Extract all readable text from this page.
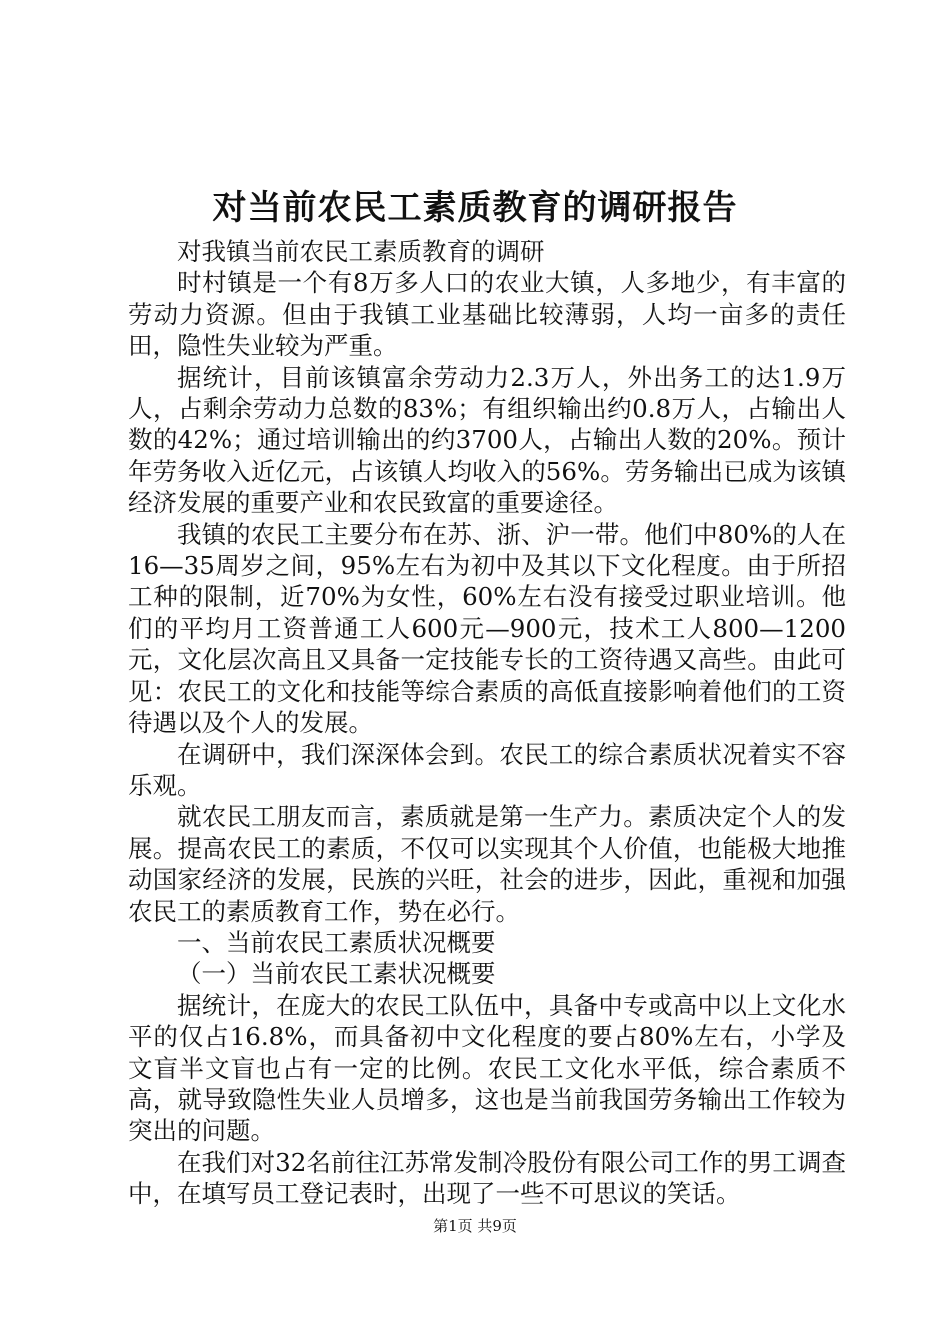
对当前农民工素质教育的调研报告

对我镇当前农民工素质教育的调研

时村镇是一个有8万多人口的农业大镇，人多地少，有丰富的劳动力资源。但由于我镇工业基础比较薄弱，人均一亩多的责任田，隐性失业较为严重。

据统计，目前该镇富余劳动力2.3万人，外出务工的达1.9万人，占剩余劳动力总数的83%；有组织输出约0.8万人，占输出人数的42%；通过培训输出的约3700人，占输出人数的20%。预计年劳务收入近亿元，占该镇人均收入的56%。劳务输出已成为该镇经济发展的重要产业和农民致富的重要途径。

我镇的农民工主要分布在苏、浙、沪一带。他们中80%的人在16—35周岁之间，95%左右为初中及其以下文化程度。由于所招工种的限制，近70%为女性，60%左右没有接受过职业培训。他们的平均月工资普通工人600元—900元，技术工人800—1200元，文化层次高且又具备一定技能专长的工资待遇又高些。由此可见：农民工的文化和技能等综合素质的高低直接影响着他们的工资待遇以及个人的发展。

在调研中，我们深深体会到。农民工的综合素质状况着实不容乐观。

就农民工朋友而言，素质就是第一生产力。素质决定个人的发展。提高农民工的素质，不仅可以实现其个人价值，也能极大地推动国家经济的发展，民族的兴旺，社会的进步，因此，重视和加强农民工的素质教育工作，势在必行。

一、当前农民工素质状况概要

（一）当前农民工素状况概要

据统计，在庞大的农民工队伍中，具备中专或高中以上文化水平的仅占16.8%，而具备初中文化程度的要占80%左右，小学及文盲半文盲也占有一定的比例。农民工文化水平低，综合素质不高，就导致隐性失业人员增多，这也是当前我国劳务输出工作较为突出的问题。

在我们对32名前往江苏常发制冷股份有限公司工作的男工调查中，在填写员工登记表时，出现了一些不可思议的笑话。

第1页 共9页
